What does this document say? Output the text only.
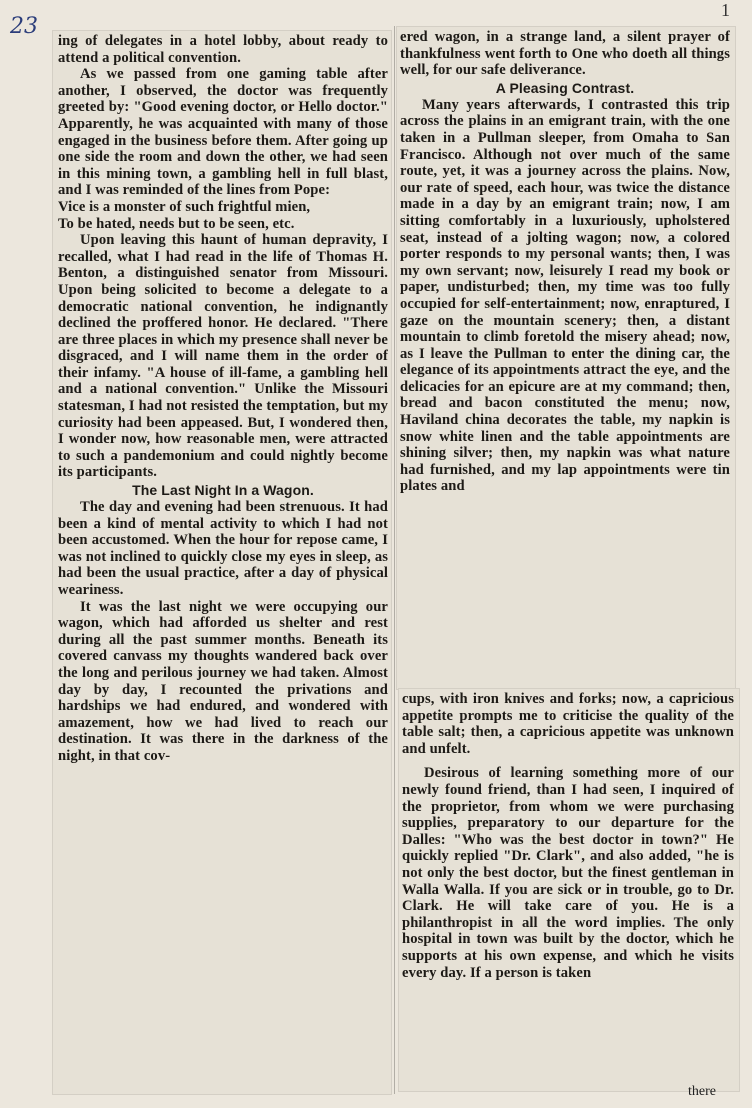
23
1

ing of delegates in a hotel lobby, about ready to attend a political convention.

As we passed from one gaming table after another, I observed, the doctor was frequently greeted by: "Good evening doctor, or Hello doctor." Apparently, he was acquainted with many of those engaged in the business before them. After going up one side the room and down the other, we had seen in this mining town, a gambling hell in full blast, and I was reminded of the lines from Pope:

Vice is a monster of such frightful mien,

To be hated, needs but to be seen, etc.

Upon leaving this haunt of human depravity, I recalled, what I had read in the life of Thomas H. Benton, a distinguished senator from Missouri. Upon being solicited to become a delegate to a democratic national convention, he indignantly declined the proffered honor. He declared. "There are three places in which my presence shall never be disgraced, and I will name them in the order of their infamy. "A house of ill-fame, a gambling hell and a national convention." Unlike the Missouri statesman, I had not resisted the temptation, but my curiosity had been appeased. But, I wondered then, I wonder now, how reasonable men, were attracted to such a pandemonium and could nightly become its participants.

The Last Night In a Wagon.

The day and evening had been strenuous. It had been a kind of mental activity to which I had not been accustomed. When the hour for repose came, I was not inclined to quickly close my eyes in sleep, as had been the usual practice, after a day of physical weariness.

It was the last night we were occupying our wagon, which had afforded us shelter and rest during all the past summer months. Beneath its covered canvass my thoughts wandered back over the long and perilous journey we had taken. Almost day by day, I recounted the privations and hardships we had endured, and wondered with amazement, how we had lived to reach our destination. It was there in the darkness of the night, in that cov-

ered wagon, in a strange land, a silent prayer of thankfulness went forth to One who doeth all things well, for our safe deliverance.

A Pleasing Contrast.

Many years afterwards, I contrasted this trip across the plains in an emigrant train, with the one taken in a Pullman sleeper, from Omaha to San Francisco. Although not over much of the same route, yet, it was a journey across the plains. Now, our rate of speed, each hour, was twice the distance made in a day by an emigrant train; now, I am sitting comfortably in a luxuriously, upholstered seat, instead of a jolting wagon; now, a colored porter responds to my personal wants; then, I was my own servant; now, leisurely I read my book or paper, undisturbed; then, my time was too fully occupied for self-entertainment; now, enraptured, I gaze on the mountain scenery; then, a distant mountain to climb foretold the misery ahead; now, as I leave the Pullman to enter the dining car, the elegance of its appointments attract the eye, and the delicacies for an epicure are at my command; then, bread and bacon constituted the menu; now, Haviland china decorates the table, my napkin is snow white linen and the table appointments are shining silver; then, my napkin was what nature had furnished, and my lap appointments were tin plates and

cups, with iron knives and forks; now, a capricious appetite prompts me to criticise the quality of the table salt; then, a capricious appetite was unknown and unfelt.

Desirous of learning something more of our newly found friend, than I had seen, I inquired of the proprietor, from whom we were purchasing supplies, preparatory to our departure for the Dalles: "Who was the best doctor in town?" He quickly replied "Dr. Clark", and also added, "he is not only the best doctor, but the finest gentleman in Walla Walla. If you are sick or in trouble, go to Dr. Clark. He will take care of you. He is a philanthropist in all the word implies. The only hospital in town was built by the doctor, which he supports at his own expense, and which he visits every day. If a person is taken

there
